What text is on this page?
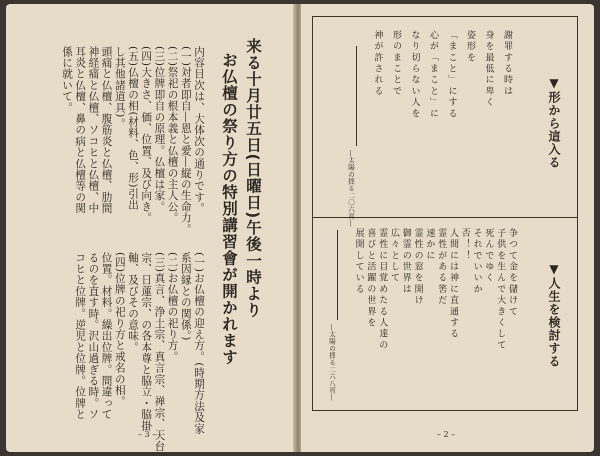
来る十月廿五日(日曜日)午後一時より
お仏檀の祭り方の特別講習會が開かれます
内容目次は、大体次の通りです。
(一)対者即自―恩と愛―縦の生命力。
(二)祭祀の根本義と仏檀の主人公。
(三)位牌即自の原理。仏檀は家。
(四)大きさ、価、位置、及び向き。
(五)仏檀の相(材料、色、形)引出
し其他諸道具)。
頭痛と仏檀、腹筋炎と仏檀、肋間
神経痛と仏檀、ソコヒと仏檀、中
耳炎と仏檀、鼻の病と仏檀等の関
係に就いて。
(一)お仏檀の迎え方。(時期方法及家
系因縁との関係。)
(二)お仏檀の祀り方。
(三)真言、浄土宗、真言宗、禅宗、天台
宗、日蓮宗、の各本尊と脇立・脇掛
軸、及びその意味。
(四)位牌の祀り方と戒名の相。
位置。材料。繰出位牌。間違って
るのを直す時。沢山過ぎる時。ソ
コヒと位牌。逆児と位牌。位牌と
– 3 –
▼形から這入る
謝罪する時は
身を最低に卑く
姿形を
「まこと」にする
心が「まこと」に
なり切らない人を
形のまことで
神が許される
―太陽の揺る二〇六頁―
▼人生を検討する
争つて金を儲けて
子供を生んで大きくして
死んでゆく
それでいいか
否！！
人間には神に直通する
霊性がある筈だ
速かに
霊性の窓を開け
御霊の世界は
広々として
霊性に目覚めたる人達の
喜びと活躍の世界を
展開している
―太陽の揺る二六八頁―
– 2 –
